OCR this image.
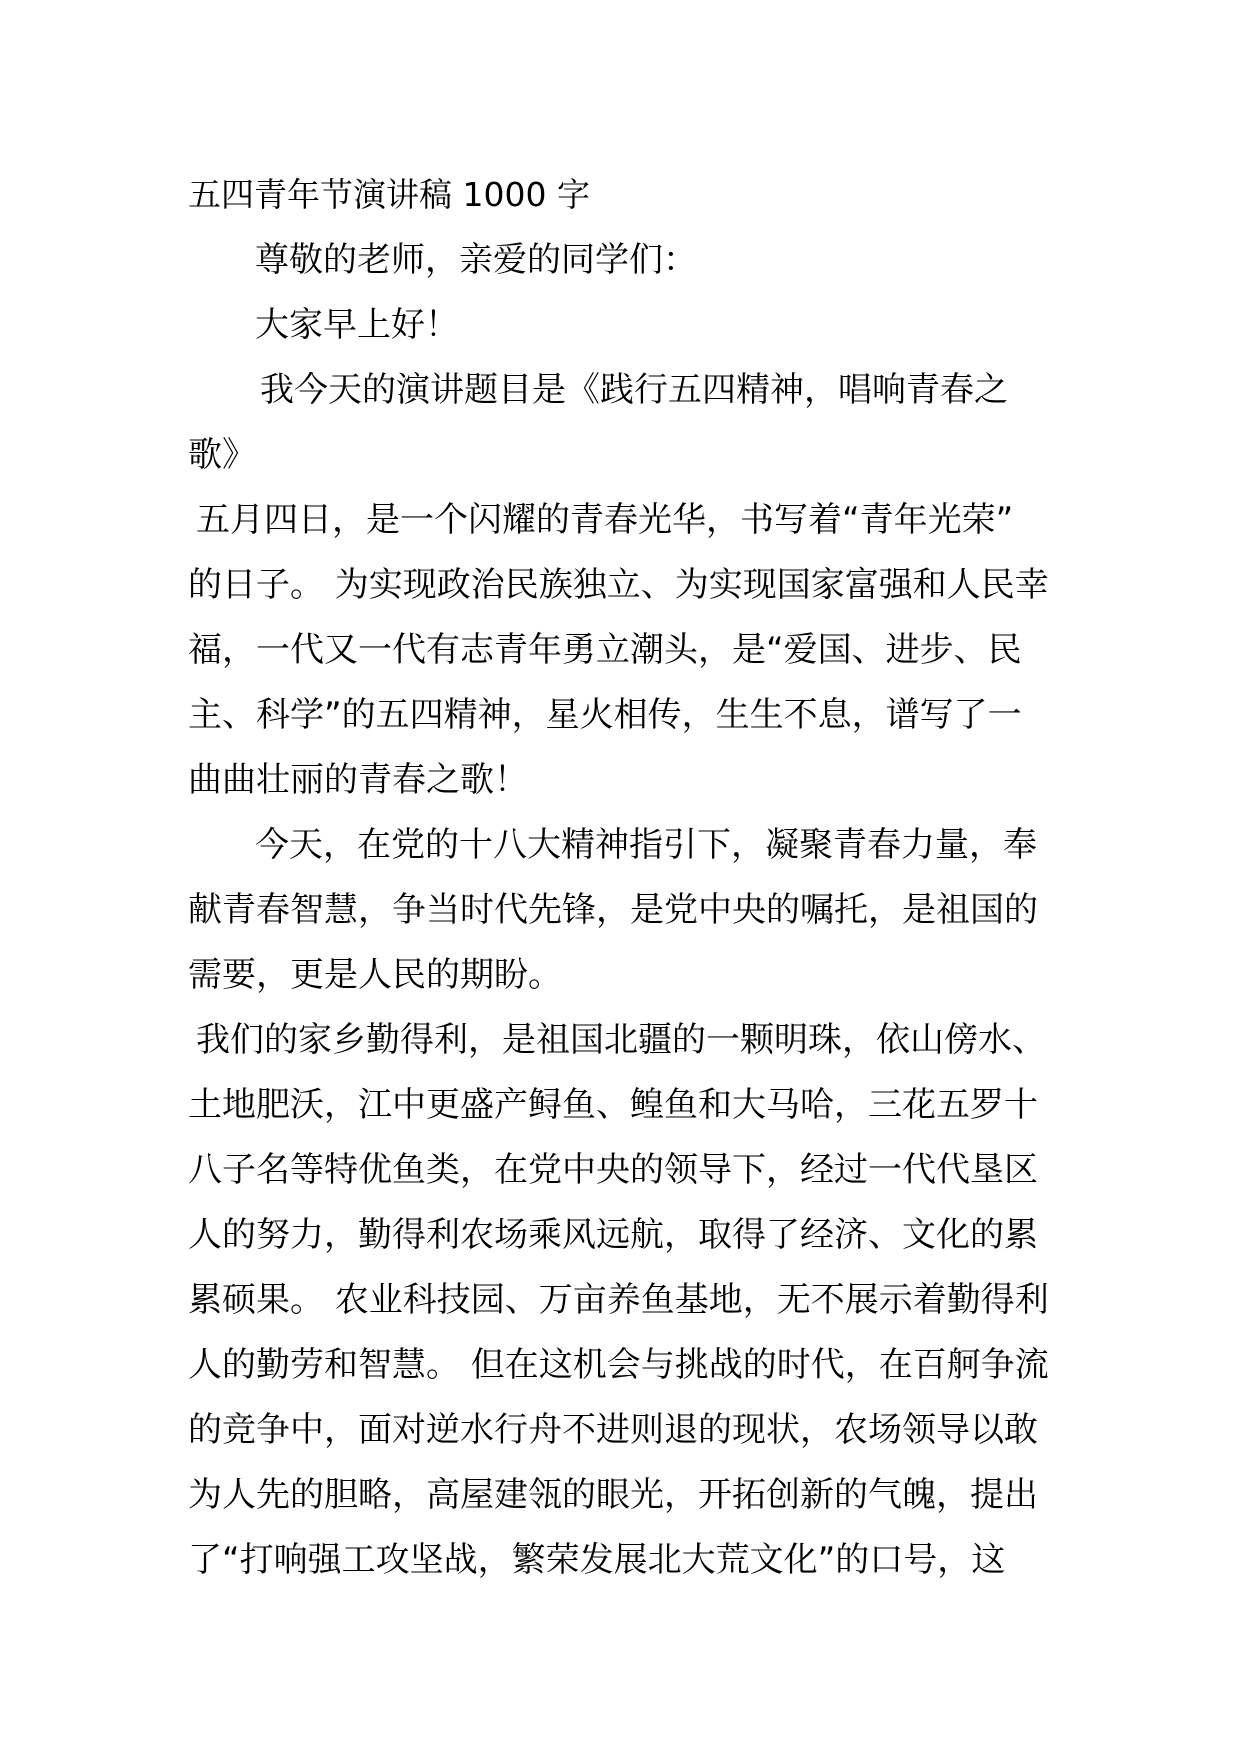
五四青年节演讲稿 1000 字
尊敬的老师，亲爱的同学们：
大家早上好！
我今天的演讲题目是《践行五四精神，唱响青春之
歌》
五月四日，是一个闪耀的青春光华，书写着“青年光荣”
的日子。 为实现政治民族独立、为实现国家富强和人民幸
福，一代又一代有志青年勇立潮头，是“爱国、进步、民
主、科学”的五四精神，星火相传，生生不息，谱写了一
曲曲壮丽的青春之歌！
今天，在党的十八大精神指引下，凝聚青春力量，奉
献青春智慧，争当时代先锋，是党中央的嘱托，是祖国的
需要，更是人民的期盼。
我们的家乡勤得利，是祖国北疆的一颗明珠，依山傍水、
土地肥沃，江中更盛产鲟鱼、鳇鱼和大马哈，三花五罗十
八子名等特优鱼类，在党中央的领导下，经过一代代垦区
人的努力，勤得利农场乘风远航，取得了经济、文化的累
累硕果。 农业科技园、万亩养鱼基地，无不展示着勤得利
人的勤劳和智慧。 但在这机会与挑战的时代，在百舸争流
的竞争中，面对逆水行舟不进则退的现状，农场领导以敢
为人先的胆略，高屋建瓴的眼光，开拓创新的气魄，提出
了“打响强工攻坚战，繁荣发展北大荒文化”的口号，这
